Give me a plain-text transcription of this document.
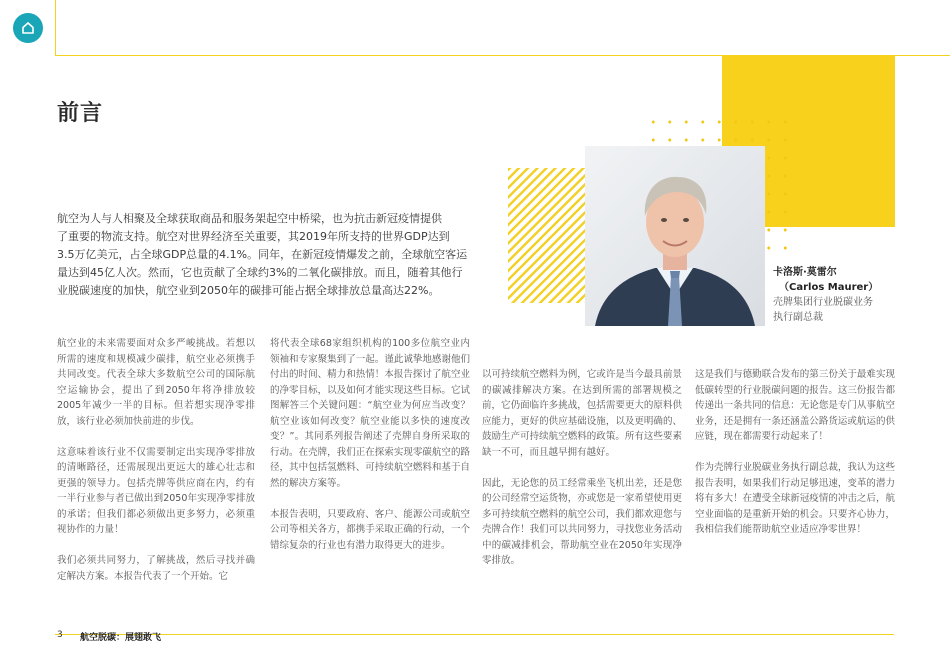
前言
航空为人与人相聚及全球获取商品和服务架起空中桥梁，也为抗击新冠疫情提供
了重要的物流支持。航空对世界经济至关重要，其2019年所支持的世界GDP达到
3.5万亿美元，占全球GDP总量的4.1%。同年，在新冠疫情爆发之前，全球航空客运
量达到45亿人次。然而，它也贡献了全球约3%的二氧化碳排放。而且，随着其他行
业脱碳速度的加快，航空业到2050年的碳排可能占据全球排放总量高达22%。
卡洛斯·莫雷尔
（Carlos Maurer）
壳牌集团行业脱碳业务
执行副总裁

航空业的未来需要面对众多严峻挑战。若想以所需的速度和规模减少碳排，航空业必须携手共同改变。代表全球大多数航空公司的国际航空运输协会，提出了到2050年将净排放较2005年减少一半的目标。但若想实现净零排放，该行业必须加快前进的步伐。

这意味着该行业不仅需要制定出实现净零排放的清晰路径，还需展现出更远大的雄心壮志和更强的领导力。包括壳牌等供应商在内，约有一半行业参与者已做出到2050年实现净零排放的承诺；但我们都必须做出更多努力，必须重视协作的力量！

我们必须共同努力，了解挑战，然后寻找并确定解决方案。本报告代表了一个开始。它

将代表全球68家组织机构的100多位航空业内领袖和专家聚集到了一起。谨此诚挚地感谢他们付出的时间、精力和热情！本报告探讨了航空业的净零目标，以及如何才能实现这些目标。它试图解答三个关键问题：“航空业为何应当改变？航空业该如何改变？航空业能以多快的速度改变？”。其同系列报告阐述了壳牌自身所采取的行动。在壳牌，我们正在探索实现零碳航空的路径，其中包括氢燃料、可持续航空燃料和基于自然的解决方案等。

本报告表明，只要政府、客户、能源公司或航空公司等相关各方，都携手采取正确的行动，一个错综复杂的行业也有潜力取得更大的进步。

以可持续航空燃料为例，它或许是当今最具前景的碳减排解决方案。在达到所需的部署规模之前，它仍面临许多挑战，包括需要更大的原料供应能力，更好的供应基础设施，以及更明确的、鼓励生产可持续航空燃料的政策。所有这些要素缺一不可，而且越早拥有越好。

因此，无论您的员工经常乘坐飞机出差，还是您的公司经常空运货物，亦或您是一家希望使用更多可持续航空燃料的航空公司，我们都欢迎您与壳牌合作！我们可以共同努力，寻找您业务活动中的碳减排机会，帮助航空业在2050年实现净零排放。

这是我们与德勤联合发布的第三份关于最难实现低碳转型的行业脱碳问题的报告。这三份报告都传递出一条共同的信息：无论您是专门从事航空业务，还是拥有一条还涵盖公路货运或航运的供应链，现在都需要行动起来了！

作为壳牌行业脱碳业务执行副总裁，我认为这些报告表明，如果我们行动足够迅速，变革的潜力将有多大！在遭受全球新冠疫情的冲击之后，航空业面临的是重新开始的机会。只要齐心协力，我相信我们能帮助航空业适应净零世界！

3 航空脱碳：展翅敢飞
